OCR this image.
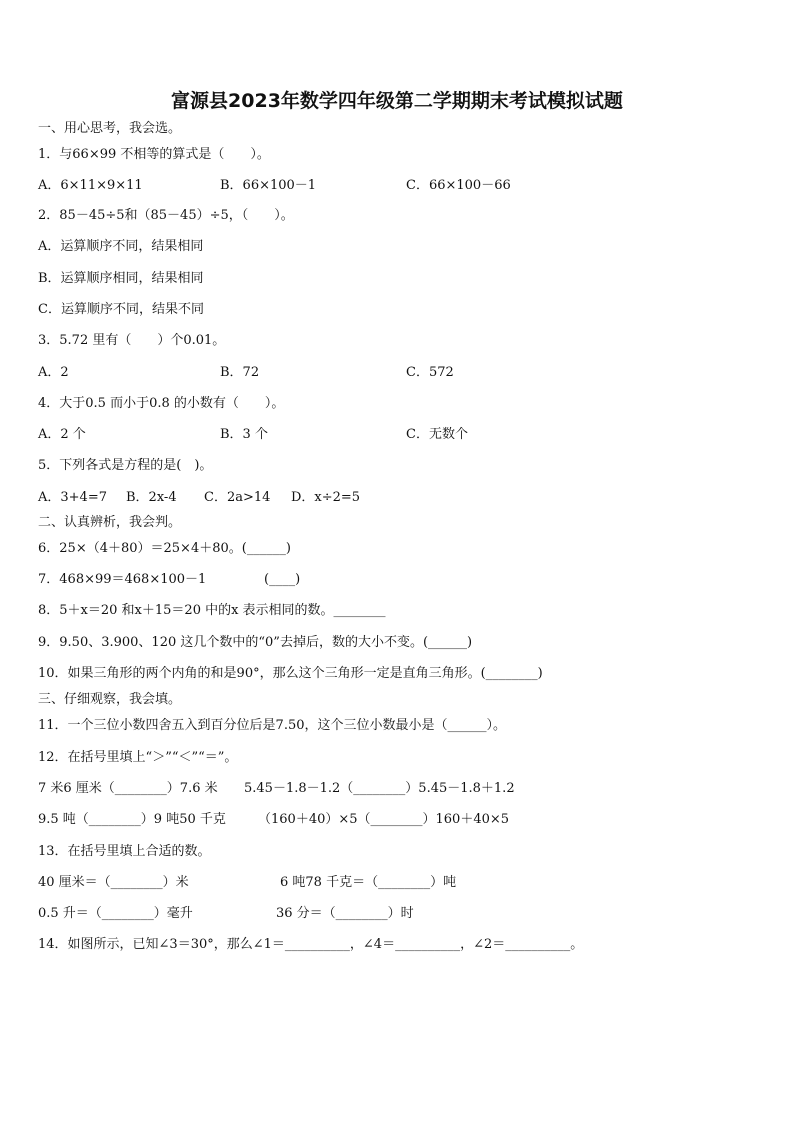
富源县2023年数学四年级第二学期期末考试模拟试题
一、用心思考，我会选。
1．与66×99 不相等的算式是（　　）。
A．6×11×9×11	B．66×100－1	C．66×100－66
2．85－45÷5和（85－45）÷5，（　　）。
A．运算顺序不同，结果相同
B．运算顺序相同，结果相同
C．运算顺序不同，结果不同
3．5.72 里有（　　）个0.01。
A．2	B．72	C．572
4．大于0.5 而小于0.8 的小数有（　　）。
A．2 个	B．3 个	C．无数个
5．下列各式是方程的是(　)。
A．3+4=7 B．2x-4 C．2a>14 D．x÷2=5
二、认真辨析，我会判。
6．25×（4＋80）＝25×4＋80。(______)
7．468×99＝468×100－1	(____)
8．5＋x＝20 和x＋15＝20 中的x 表示相同的数。________
9．9.50、3.900、120 这几个数中的“0”去掉后，数的大小不变。(______)
10．如果三角形的两个内角的和是90°，那么这个三角形一定是直角三角形。(________)
三、仔细观察，我会填。
11．一个三位小数四舍五入到百分位后是7.50，这个三位小数最小是（______）。
12．在括号里填上“＞”“＜”“＝”。
7 米6 厘米（________）7.6 米 5.45－1.8－1.2（________）5.45－1.8＋1.2
9.5 吨（________）9 吨50 千克 （160＋40）×5（________）160＋40×5
13．在括号里填上合适的数。
40 厘米＝（________）米	6 吨78 千克＝（________）吨
0.5 升＝（________）毫升	36 分＝（________）时
14．如图所示，已知∠3＝30°，那么∠1＝__________，∠4＝__________，∠2＝__________。
